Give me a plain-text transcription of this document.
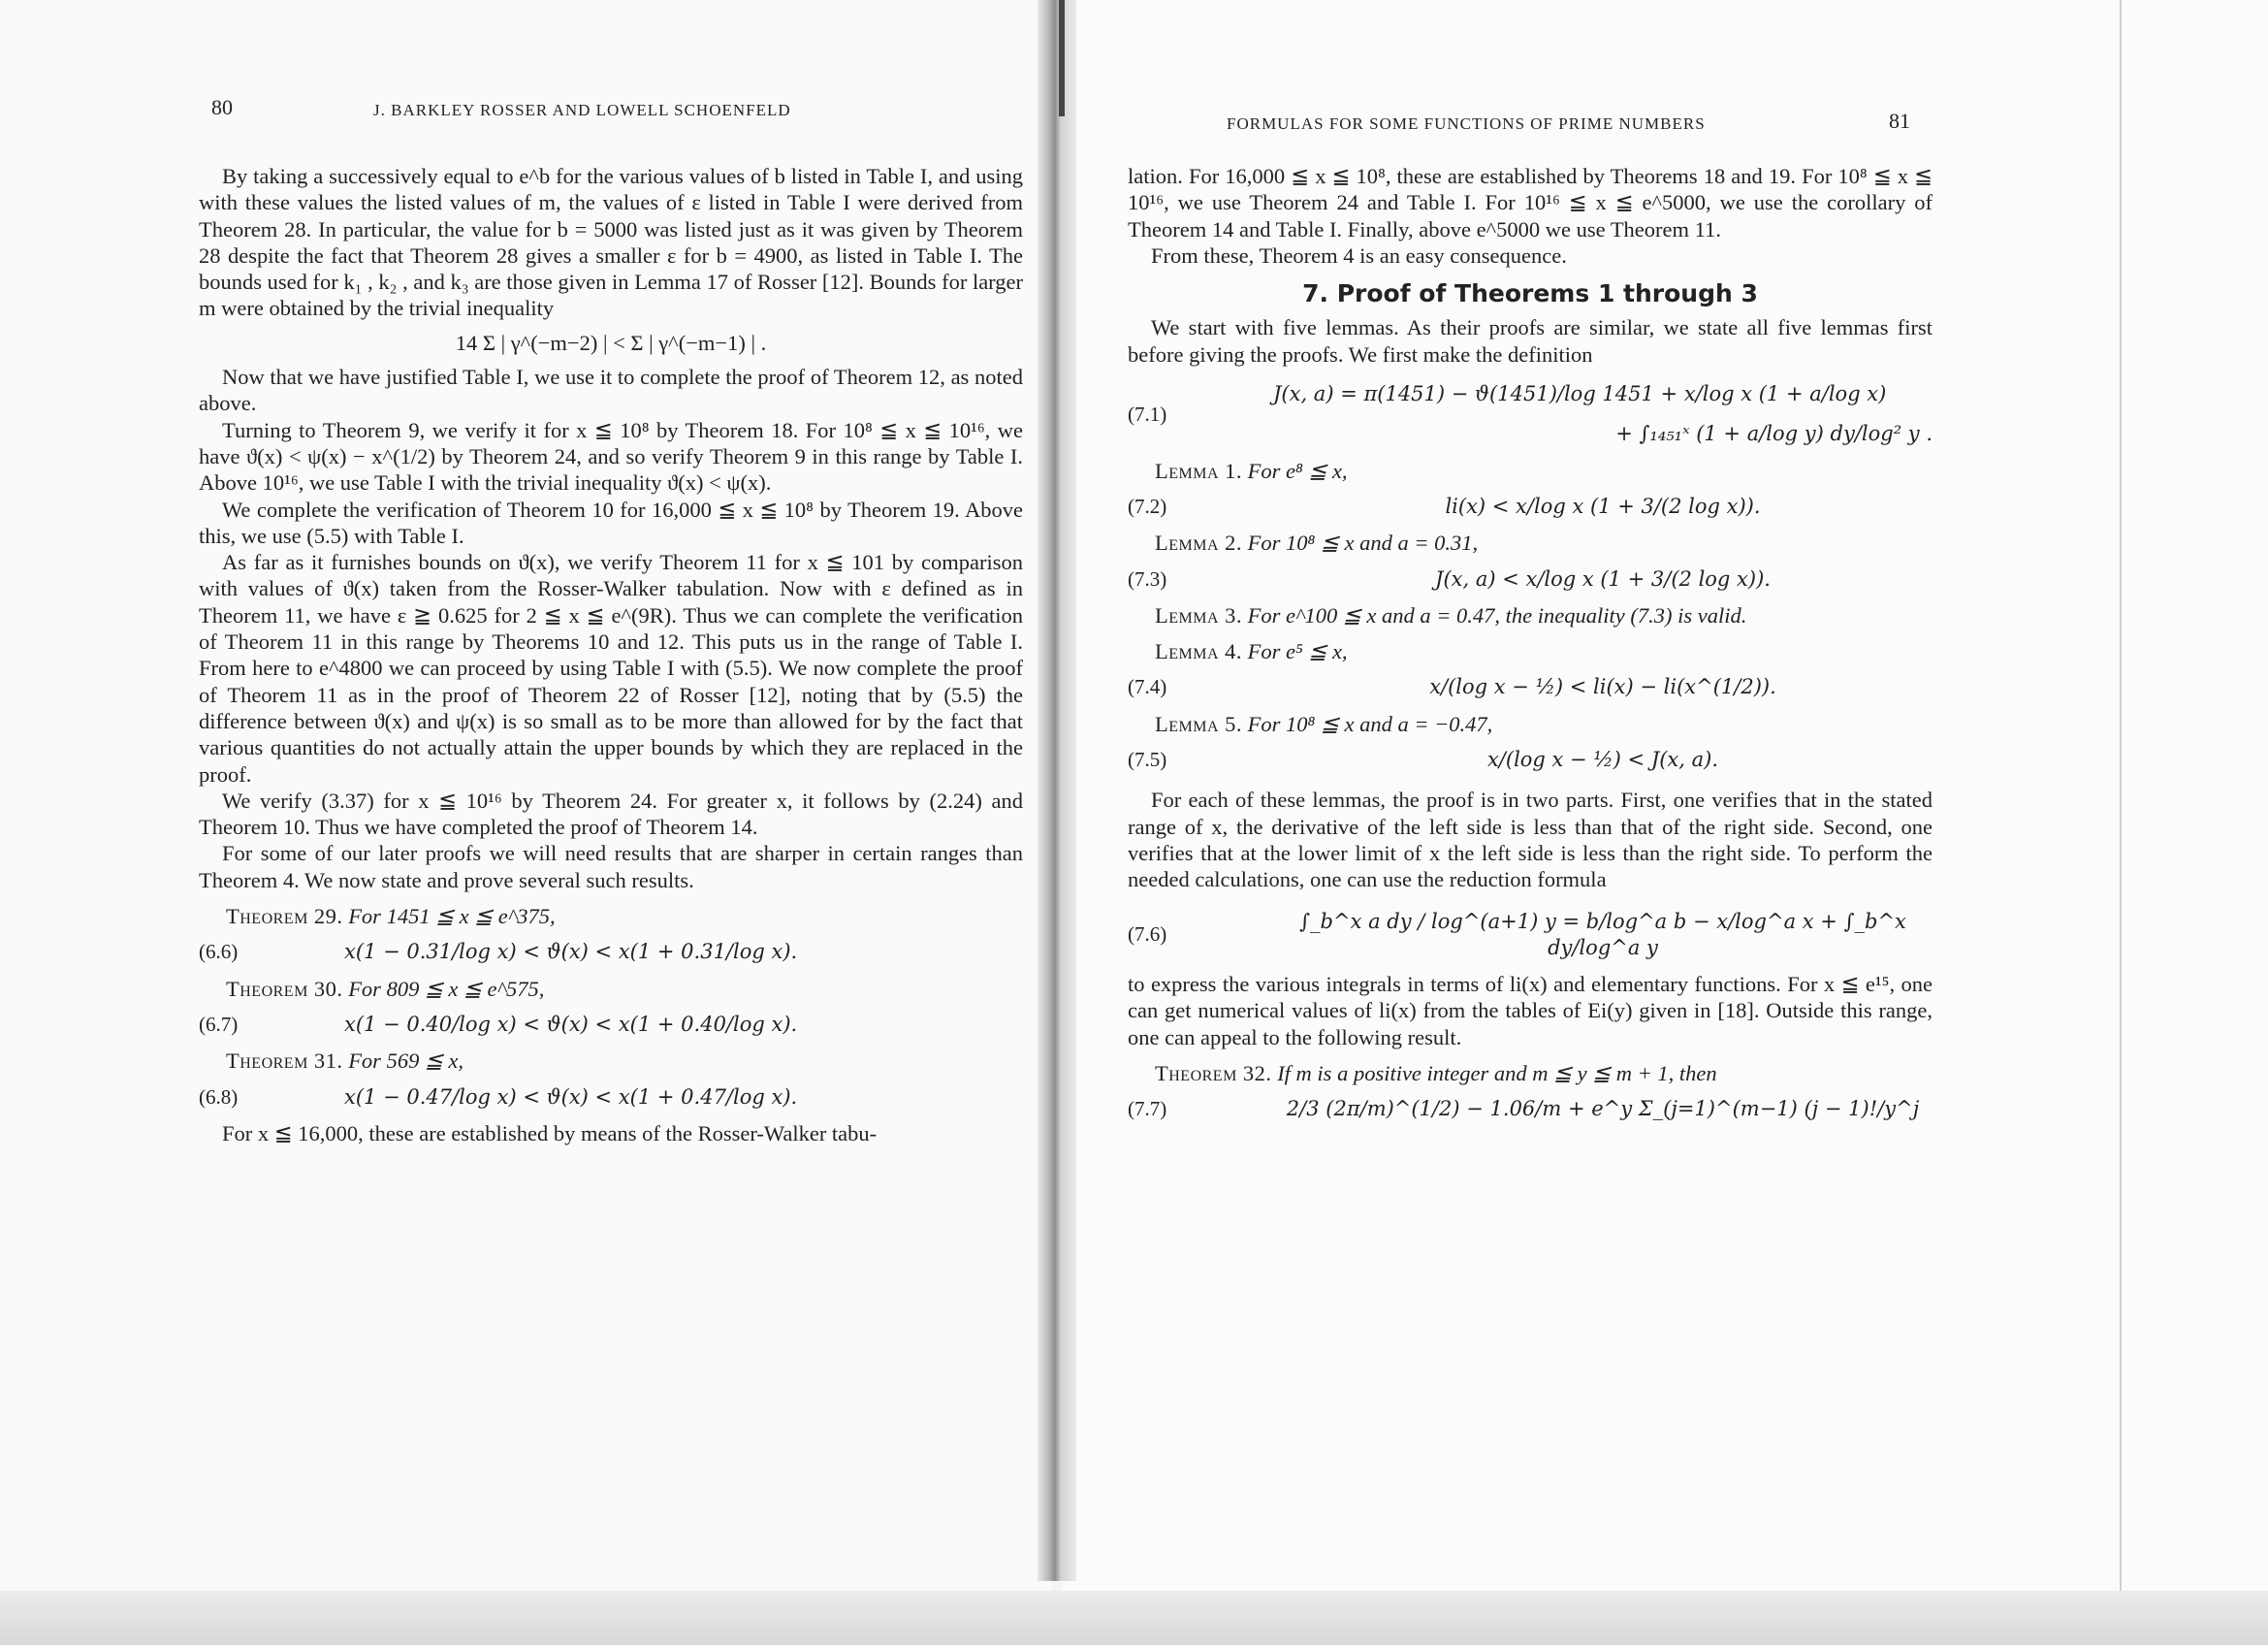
80	J. BARKLEY ROSSER AND LOWELL SCHOENFELD

By taking a successively equal to e^b for the various values of b listed in Table I, and using with these values the listed values of m, the values of ε listed in Table I were derived from Theorem 28. In particular, the value for b = 5000 was listed just as it was given by Theorem 28 despite the fact that Theorem 28 gives a smaller ε for b = 4900, as listed in Table I. The bounds used for k₁ , k₂ , and k₃ are those given in Lemma 17 of Rosser [12]. Bounds for larger m were obtained by the trivial inequality

14 Σ | γ^(−m−2) | < Σ | γ^(−m−1) | .

Now that we have justified Table I, we use it to complete the proof of Theorem 12, as noted above.

Turning to Theorem 9, we verify it for x ≦ 10⁸ by Theorem 18. For 10⁸ ≦ x ≦ 10¹⁶, we have ϑ(x) < ψ(x) − x^(1/2) by Theorem 24, and so verify Theorem 9 in this range by Table I. Above 10¹⁶, we use Table I with the trivial inequality ϑ(x) < ψ(x).

We complete the verification of Theorem 10 for 16,000 ≦ x ≦ 10⁸ by Theorem 19. Above this, we use (5.5) with Table I.

As far as it furnishes bounds on ϑ(x), we verify Theorem 11 for x ≦ 101 by comparison with values of ϑ(x) taken from the Rosser-Walker tabulation. Now with ε defined as in Theorem 11, we have ε ≧ 0.625 for 2 ≦ x ≦ e^(9R). Thus we can complete the verification of Theorem 11 in this range by Theorems 10 and 12. This puts us in the range of Table I. From here to e^4800 we can proceed by using Table I with (5.5). We now complete the proof of Theorem 11 as in the proof of Theorem 22 of Rosser [12], noting that by (5.5) the difference between ϑ(x) and ψ(x) is so small as to be more than allowed for by the fact that various quantities do not actually attain the upper bounds by which they are replaced in the proof.

We verify (3.37) for x ≦ 10¹⁶ by Theorem 24. For greater x, it follows by (2.24) and Theorem 10. Thus we have completed the proof of Theorem 14.

For some of our later proofs we will need results that are sharper in certain ranges than Theorem 4. We now state and prove several such results.

Theorem 29. For 1451 ≦ x ≦ e^375,
(6.6)	x(1 − 0.31/log x) < ϑ(x) < x(1 + 0.31/log x).
Theorem 30. For 809 ≦ x ≦ e^575,
(6.7)	x(1 − 0.40/log x) < ϑ(x) < x(1 + 0.40/log x).
Theorem 31. For 569 ≦ x,
(6.8)	x(1 − 0.47/log x) < ϑ(x) < x(1 + 0.47/log x).

For x ≦ 16,000, these are established by means of the Rosser-Walker tabu-

FORMULAS FOR SOME FUNCTIONS OF PRIME NUMBERS	81

lation. For 16,000 ≦ x ≦ 10⁸, these are established by Theorems 18 and 19. For 10⁸ ≦ x ≦ 10¹⁶, we use Theorem 24 and Table I. For 10¹⁶ ≦ x ≦ e^5000, we use the corollary of Theorem 14 and Table I. Finally, above e^5000 we use Theorem 11.

From these, Theorem 4 is an easy consequence.

7. Proof of Theorems 1 through 3

We start with five lemmas. As their proofs are similar, we state all five lemmas first before giving the proofs. We first make the definition

(7.1)
J(x, a) = π(1451) − ϑ(1451)/log 1451 + x/log x (1 + a/log x)
+ ∫₁₄₅₁ˣ (1 + a/log y) dy/log² y .
Lemma 1. For e⁸ ≦ x,
(7.2)	li(x) < x/log x (1 + 3/(2 log x)).
Lemma 2. For 10⁸ ≦ x and a = 0.31,
(7.3)	J(x, a) < x/log x (1 + 3/(2 log x)).
Lemma 3. For e^100 ≦ x and a = 0.47, the inequality (7.3) is valid.
Lemma 4. For e⁵ ≦ x,
(7.4)	x/(log x − ½) < li(x) − li(x^(1/2)).
Lemma 5. For 10⁸ ≦ x and a = −0.47,
(7.5)	x/(log x − ½) < J(x, a).

For each of these lemmas, the proof is in two parts. First, one verifies that in the stated range of x, the derivative of the left side is less than that of the right side. Second, one verifies that at the lower limit of x the left side is less than the right side. To perform the needed calculations, one can use the reduction formula

(7.6)
∫_b^x a dy / log^(a+1) y = b/log^a b − x/log^a x + ∫_b^x dy/log^a y

to express the various integrals in terms of li(x) and elementary functions. For x ≦ e¹⁵, one can get numerical values of li(x) from the tables of Ei(y) given in [18]. Outside this range, one can appeal to the following result.

Theorem 32. If m is a positive integer and m ≦ y ≦ m + 1, then
(7.7)	2/3 (2π/m)^(1/2) − 1.06/m + e^y Σ_(j=1)^(m−1) (j − 1)!/y^j
